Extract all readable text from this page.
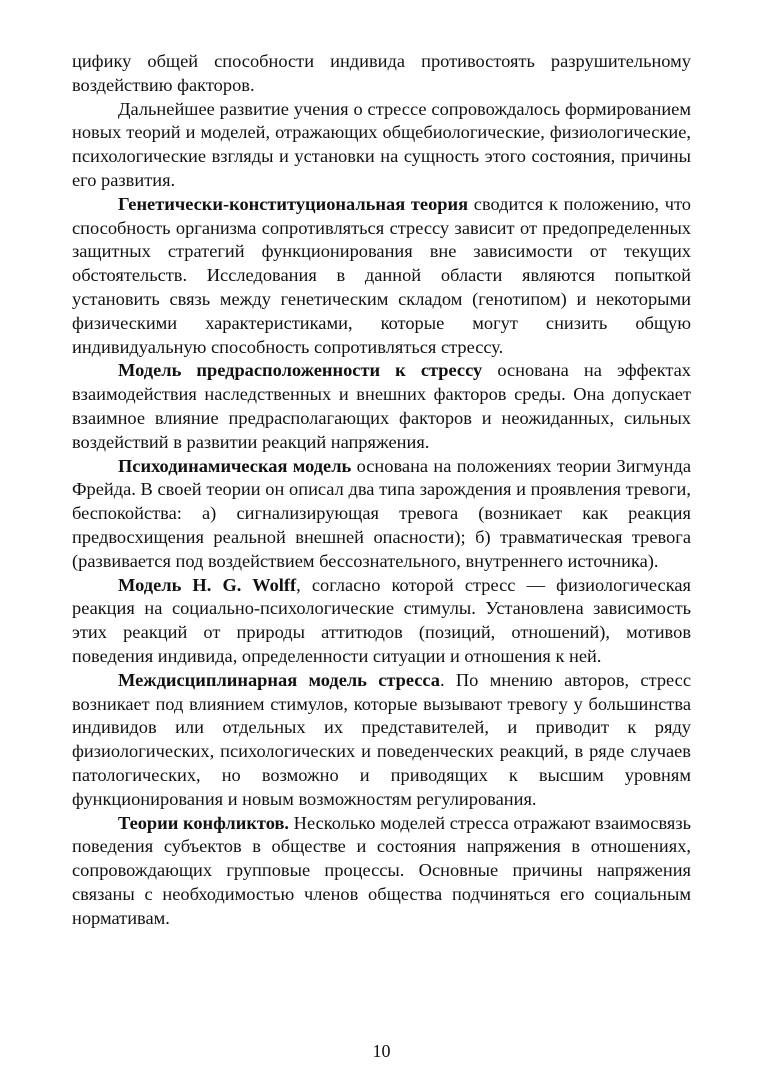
цифику общей способности индивида противостоять разрушительному воздействию факторов.

Дальнейшее развитие учения о стрессе сопровождалось формированием новых теорий и моделей, отражающих общебиологические, физиологические, психологические взгляды и установки на сущность этого состояния, причины его развития.

Генетически-конституциональная теория сводится к положению, что способность организма сопротивляться стрессу зависит от предопределенных защитных стратегий функционирования вне зависимости от текущих обстоятельств. Исследования в данной области являются попыткой установить связь между генетическим складом (генотипом) и некоторыми физическими характеристиками, которые могут снизить общую индивидуальную способность сопротивляться стрессу.

Модель предрасположенности к стрессу основана на эффектах взаимодействия наследственных и внешних факторов среды. Она допускает взаимное влияние предрасполагающих факторов и неожиданных, сильных воздействий в развитии реакций напряжения.

Психодинамическая модель основана на положениях теории Зигмунда Фрейда. В своей теории он описал два типа зарождения и проявления тревоги, беспокойства: а) сигнализирующая тревога (возникает как реакция предвосхищения реальной внешней опасности); б) травматическая тревога (развивается под воздействием бессознательного, внутреннего источника).

Модель H. G. Wolff, согласно которой стресс — физиологическая реакция на социально-психологические стимулы. Установлена зависимость этих реакций от природы аттитюдов (позиций, отношений), мотивов поведения индивида, определенности ситуации и отношения к ней.

Междисциплинарная модель стресса. По мнению авторов, стресс возникает под влиянием стимулов, которые вызывают тревогу у большинства индивидов или отдельных их представителей, и приводит к ряду физиологических, психологических и поведенческих реакций, в ряде случаев патологических, но возможно и приводящих к высшим уровням функционирования и новым возможностям регулирования.

Теории конфликтов. Несколько моделей стресса отражают взаимосвязь поведения субъектов в обществе и состояния напряжения в отношениях, сопровождающих групповые процессы. Основные причины напряжения связаны с необходимостью членов общества подчиняться его социальным нормативам.

10
